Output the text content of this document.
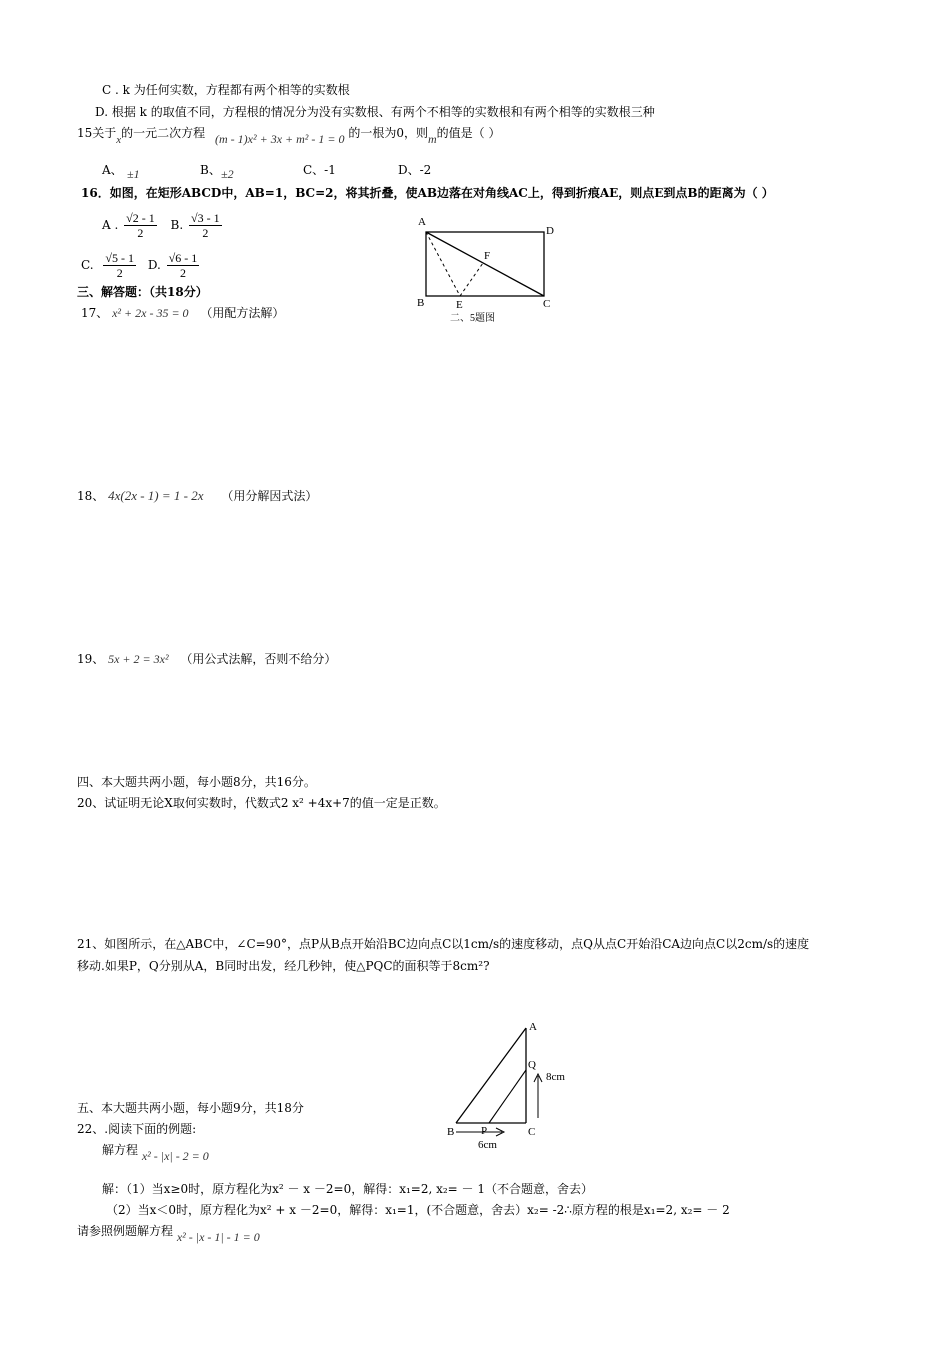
C . k 为任何实数，方程都有两个相等的实数根
D. 根据 k 的取值不同，方程根的情况分为没有实数根、有两个不相等的实数根和有两个相等的实数根三种
15关于x的一元二次方程 (m - 1)x² + 3x + m² - 1 = 0 的一根为0，则m的值是（ ）
A、 ±1	B、 ±2	C、-1	D、-2
16．如图，在矩形ABCD中，AB=1，BC=2，将其折叠，使AB边落在对角线AC上，得到折痕AE，则点E到点B的距离为（ ）
A . $\frac{√2 - 1}{2} B$. $\frac{√3 - 1}{2}$
C. $\frac{√5 - 1}{2} D$. $\frac{√6 - 1}{2}$
A
D
F
B	E	C
二、5题图
三、解答题：（共18分）
17、 x² + 2x - 35 = 0 （用配方法解）
18、 4x(2x - 1) = 1 - 2x （用分解因式法）
19、 5x + 2 = 3x² （用公式法解，否则不给分）
四、本大题共两小题，每小题8分，共16分。
20、试证明无论X取何实数时，代数式2 x² +4x+7的值一定是正数。
21、如图所示，在△ABC中，∠C=90°，点P从B点开始沿BC边向点C以1cm/s的速度移动，点Q从点C开始沿CA边向点C以2cm/s的速度
移动.如果P，Q分别从A，B同时出发，经几秒钟，使△PQC的面积等于8cm²?
A
Q
8cm
B P	C
6cm
五、本大题共两小题，每小题9分，共18分
22、.阅读下面的例题:
解方程 x² - |x| - 2 = 0
解：（1）当x≥0时，原方程化为x² － x －2=0，解得：x₁=2, x₂= － 1（不合题意，舍去）
（2）当x＜0时，原方程化为x² + x －2=0，解得：x₁=1，(不合题意，舍去）x₂= -2∴原方程的根是x₁=2, x₂= － 2
请参照例题解方程 x² - |x - 1| - 1 = 0
